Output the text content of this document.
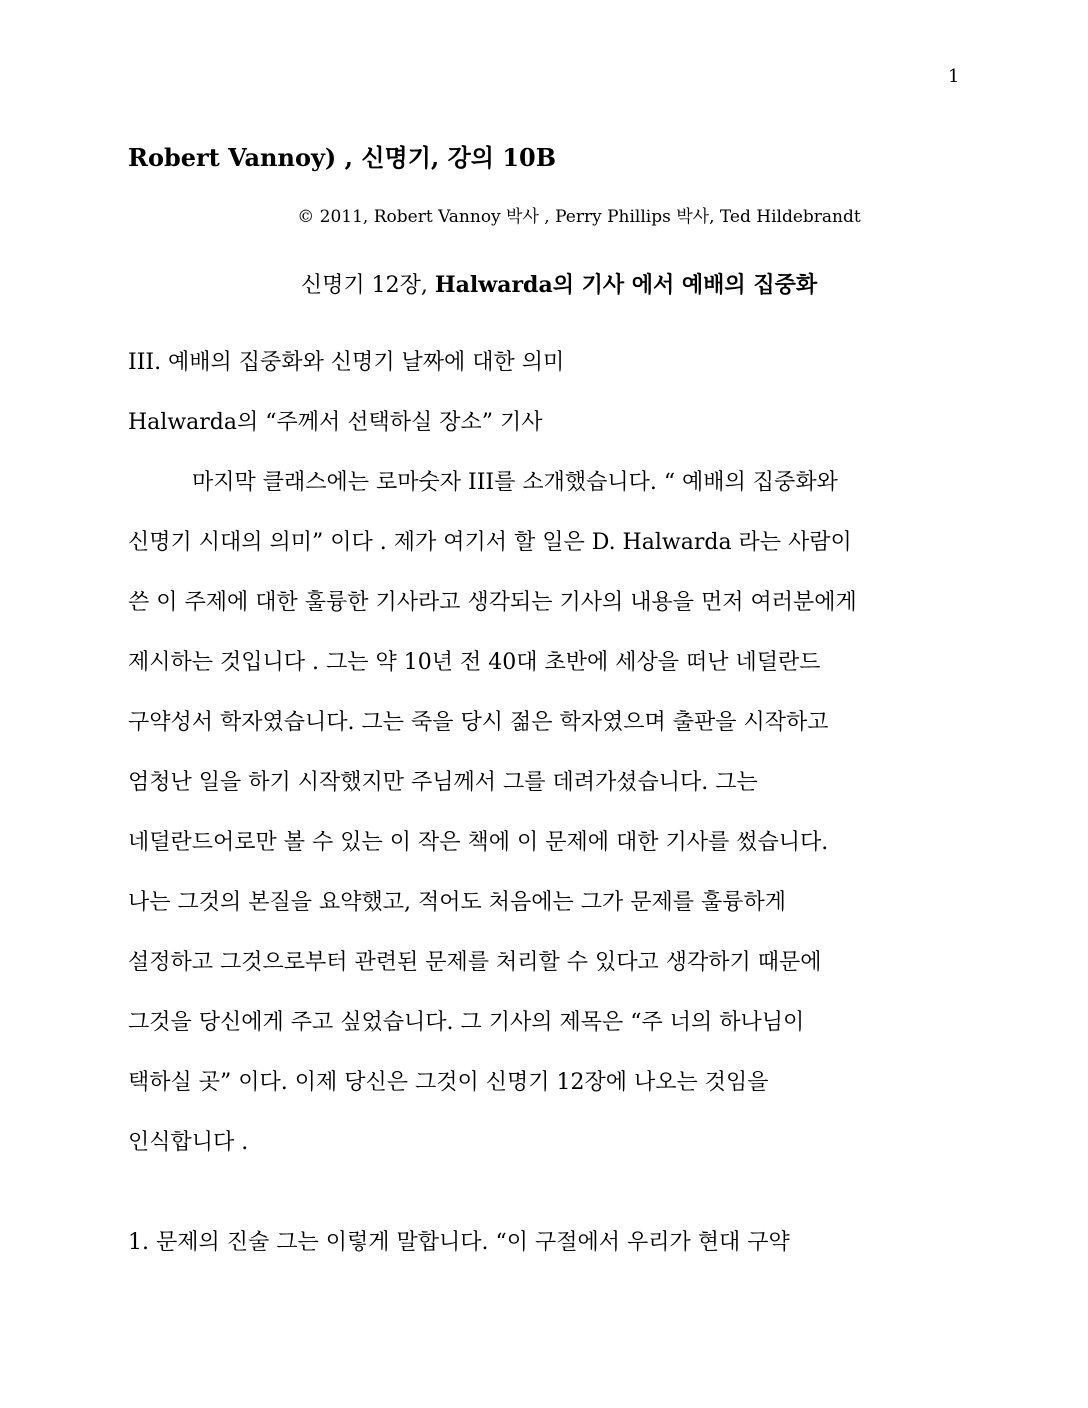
1
Robert Vannoy) , 신명기, 강의 10B
© 2011, Robert Vannoy 박사 , Perry Phillips 박사, Ted Hildebrandt
신명기 12장, Halwarda의 기사 에서 예배의 집중화
III. 예배의 집중화와 신명기 날짜에 대한 의미
Halwarda의 “주께서 선택하실 장소” 기사
마지막 클래스에는 로마숫자 III를 소개했습니다. “ 예배의 집중화와
신명기 시대의 의미” 이다 . 제가 여기서 할 일은 D. Halwarda 라는 사람이
쓴 이 주제에 대한 훌륭한 기사라고 생각되는 기사의 내용을 먼저 여러분에게
제시하는 것입니다 . 그는 약 10년 전 40대 초반에 세상을 떠난 네덜란드
구약성서 학자였습니다. 그는 죽을 당시 젊은 학자였으며 출판을 시작하고
엄청난 일을 하기 시작했지만 주님께서 그를 데려가셨습니다. 그는
네덜란드어로만 볼 수 있는 이 작은 책에 이 문제에 대한 기사를 썼습니다.
나는 그것의 본질을 요약했고, 적어도 처음에는 그가 문제를 훌륭하게
설정하고 그것으로부터 관련된 문제를 처리할 수 있다고 생각하기 때문에
그것을 당신에게 주고 싶었습니다. 그 기사의 제목은 “주 너의 하나님이
택하실 곳” 이다. 이제 당신은 그것이 신명기 12장에 나오는 것임을
인식합니다 .
1. 문제의 진술 그는 이렇게 말합니다. “이 구절에서 우리가 현대 구약
